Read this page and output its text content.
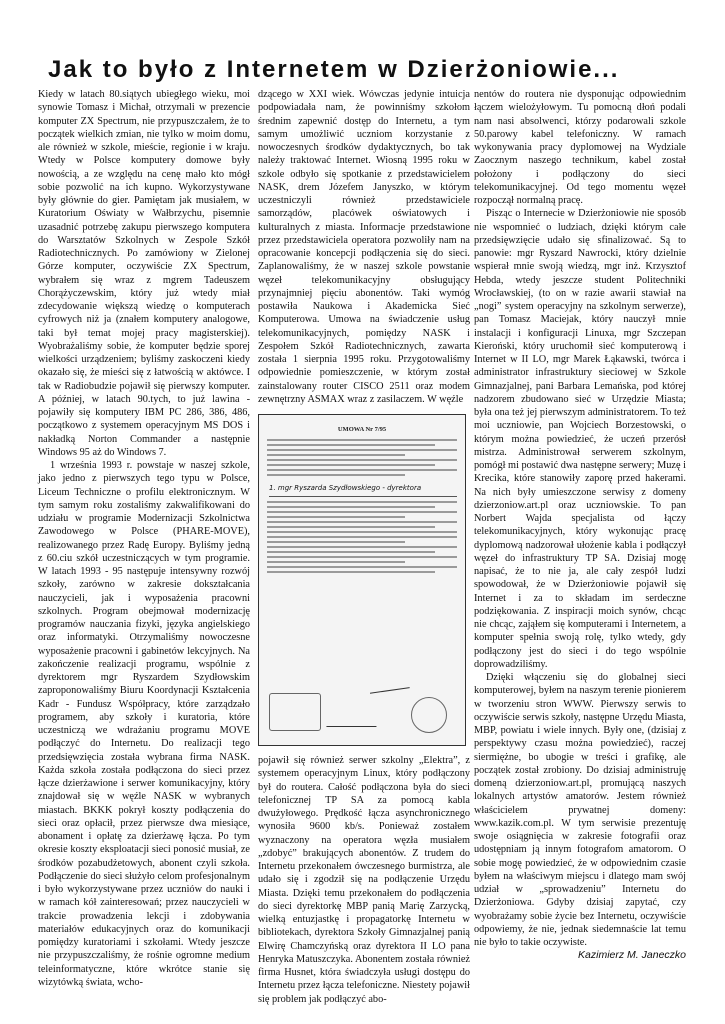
Jak to było z Internetem w Dzierżoniowie...

Kiedy w latach 80.siątych ubiegłego wieku, moi synowie Tomasz i Michał, otrzymali w prezencie komputer ZX Spectrum, nie przypuszczałem, że to początek wielkich zmian, nie tylko w moim domu, ale również w szkole, mieście, regionie i w kraju. Wtedy w Polsce komputery domowe były nowością, a ze względu na cenę mało kto mógł sobie pozwolić na ich kupno. Wykorzystywane były głównie do gier. Pamiętam jak musiałem, w Kuratorium Oświaty w Wałbrzychu, pisemnie uzasadnić potrzebę zakupu pierwszego komputera do Warsztatów Szkolnych w Zespole Szkół Radiotechnicznych. Po zamówiony w Zielonej Górze komputer, oczywiście ZX Spectrum, wybrałem się wraz z mgrem Tadeuszem Chorążyczewskim, który już wtedy miał zdecydowanie większą wiedzę o komputerach cyfrowych niż ja (znałem komputery analogowe, taki był temat mojej pracy magisterskiej). Wyobrażaliśmy sobie, że komputer będzie sporej wielkości urządzeniem; byliśmy zaskoczeni kiedy okazało się, że mieści się z łatwością w aktówce. I tak w Radiobudzie pojawił się pierwszy komputer. A później, w latach 90.tych, to już lawina - pojawiły się komputery IBM PC 286, 386, 486, początkowo z systemem operacyjnym MS DOS i nakładką Norton Commander a następnie Windows 95 aż do Windows 7.

1 września 1993 r. powstaje w naszej szkole, jako jedno z pierwszych tego typu w Polsce, Liceum Techniczne o profilu elektronicznym. W tym samym roku zostaliśmy zakwalifikowani do udziału w programie Modernizacji Szkolnictwa Zawodowego w Polsce (PHARE-MOVE), realizowanego przez Radę Europy. Byliśmy jedną z 60.ciu szkół uczestniczących w tym programie. W latach 1993 - 95 następuje intensywny rozwój szkoły, zarówno w zakresie dokształcania nauczycieli, jak i wyposażenia pracowni szkolnych. Program obejmował modernizację programów nauczania fizyki, języka angielskiego oraz informatyki. Otrzymaliśmy nowoczesne wyposażenie pracowni i gabinetów lekcyjnych. Na zakończenie realizacji programu, wspólnie z dyrektorem mgr Ryszardem Szydłowskim zaproponowaliśmy Biuru Koordynacji Kształcenia Kadr - Fundusz Współpracy, które zarządzało programem, aby szkoły i kuratoria, które uczestniczą we wdrażaniu programu MOVE podłączyć do Internetu. Do realizacji tego przedsięwzięcia została wybrana firma NASK. Każda szkoła została podłączona do sieci przez łącze dzierżawione i serwer komunikacyjny, który znajdował się w węźle NASK w wybranych miastach. BKKK pokrył koszty podłączenia do sieci oraz opłacił, przez pierwsze dwa miesiące, abonament i opłatę za dzierżawę łącza. Po tym okresie koszty eksploatacji sieci ponosić musiał, ze środków pozabudżetowych, abonent czyli szkoła. Podłączenie do sieci służyło celom profesjonalnym i było wykorzystywane przez uczniów do nauki i w ramach kół zainteresowań; przez nauczycieli w trakcie prowadzenia lekcji i zdobywania materiałów edukacyjnych oraz do komunikacji pomiędzy kuratoriami i szkołami. Wtedy jeszcze nie przypuszczaliśmy, że rośnie ogromne medium teleinformatyczne, które wkrótce stanie się wizytówką świata, wcho-

dzącego w XXI wiek. Wówczas jedynie intuicja podpowiadała nam, że powinniśmy szkołom średnim zapewnić dostęp do Internetu, a tym samym umożliwić uczniom korzystanie z nowoczesnych środków dydaktycznych, bo tak należy traktować Internet. Wiosną 1995 roku w szkole odbyło się spotkanie z przedstawicielem NASK, drem Józefem Janyszko, w którym uczestniczyli również przedstawiciele samorządów, placówek oświatowych i kulturalnych z miasta. Informacje przedstawione przez przedstawiciela operatora pozwoliły nam na opracowanie koncepcji podłączenia się do sieci. Zaplanowaliśmy, że w naszej szkole powstanie węzeł telekomunikacyjny obsługujący przynajmniej pięciu abonentów. Taki wymóg postawiła Naukowa i Akademicka Sieć Komputerowa. Umowa na świadczenie usług telekomunikacyjnych, pomiędzy NASK i Zespołem Szkół Radiotechnicznych, zawarta została 1 sierpnia 1995 roku. Przygotowaliśmy odpowiednie pomieszczenie, w którym został zainstalowany router CISCO 2511 oraz modem zewnętrzny ASMAX wraz z zasilaczem. W węźle

UMOWA Nr 7/95
1. mgr Ryszarda Szydłowskiego - dyrektora

pojawił się również serwer szkolny „Elektra”, z systemem operacyjnym Linux, który podłączony był do routera. Całość podłączona była do sieci telefonicznej TP SA za pomocą kabla dwużyłowego. Prędkość łącza asynchronicznego wynosiła 9600 kb/s. Ponieważ zostałem wyznaczony na operatora węzła musiałem „zdobyć” brakujących abonentów. Z trudem do Internetu przekonałem ówczesnego burmistrza, ale udało się i zgodził się na podłączenie Urzędu Miasta. Dzięki temu przekonałem do podłączenia do sieci dyrektorkę MBP panią Marię Zarzycką, wielką entuzjastkę i propagatorkę Internetu w bibliotekach, dyrektora Szkoły Gimnazjalnej panią Elwirę Chamczyńską oraz dyrektora II LO pana Henryka Matuszczyka. Abonentem została również firma Husnet, która świadczyła usługi dostępu do Internetu przez łącza telefoniczne. Niestety pojawił się problem jak podłączyć abo-

nentów do routera nie dysponując odpowiednim łączem wielożyłowym. Tu pomocną dłoń podali nam nasi absolwenci, którzy podarowali szkole 50.parowy kabel telefoniczny. W ramach wykonywania pracy dyplomowej na Wydziale Zaocznym naszego technikum, kabel został położony i podłączony do sieci telekomunikacyjnej. Od tego momentu węzeł rozpoczął normalną pracę.

Pisząc o Internecie w Dzierżoniowie nie sposób nie wspomnieć o ludziach, dzięki którym całe przedsięwzięcie udało się sfinalizować. Są to panowie: mgr Ryszard Nawrocki, który dzielnie wspierał mnie swoją wiedzą, mgr inż. Krzysztof Hebda, wtedy jeszcze student Politechniki Wrocławskiej, (to on w razie awarii stawiał na „nogi” system operacyjny na szkolnym serwerze), pan Tomasz Maciejak, który nauczył mnie instalacji i konfiguracji Linuxa, mgr Szczepan Kieroński, który uruchomił sieć komputerową i Internet w II LO, mgr Marek Łąkawski, twórca i administrator infrastruktury sieciowej w Szkole Gimnazjalnej, pani Barbara Lemańska, pod której nadzorem zbudowano sieć w Urzędzie Miasta; była ona też jej pierwszym administratorem. To też moi uczniowie, pan Wojciech Borzestowski, o którym można powiedzieć, że uczeń przerósł mistrza. Administrował serwerem szkolnym, pomógł mi postawić dwa następne serwery; Muzę i Krecika, które stanowiły zaporę przed hakerami. Na nich były umieszczone serwisy z domeny dzierzoniow.art.pl oraz uczniowskie. To pan Norbert Wajda specjalista od łączy telekomunikacyjnych, który wykonując pracę dyplomową nadzorował ułożenie kabla i podłączył węzeł do infrastruktury TP SA. Dzisiaj mogę napisać, że to nie ja, ale cały zespół ludzi spowodował, że w Dzierżoniowie pojawił się Internet i za to składam im serdeczne podziękowania. Z inspiracji moich synów, chcąc nie chcąc, zająłem się komputerami i Internetem, a komputer spełnia swoją rolę, tylko wtedy, gdy podłączony jest do sieci i do tego wspólnie doprowadziliśmy.

Dzięki włączeniu się do globalnej sieci komputerowej, byłem na naszym terenie pionierem w tworzeniu stron WWW. Pierwszy serwis to oczywiście serwis szkoły, następne Urzędu Miasta, MBP, powiatu i wiele innych. Były one, (dzisiaj z perspektywy czasu można powiedzieć), raczej siermiężne, bo ubogie w treści i grafikę, ale początek został zrobiony. Do dzisiaj administruję domeną dzierzoniow.art.pl, promującą naszych lokalnych artystów amatorów. Jestem również właścicielem prywatnej domeny: www.kazik.com.pl. W tym serwisie prezentuję swoje osiągnięcia w zakresie fotografii oraz udostępniam ją innym fotografom amatorom. O sobie mogę powiedzieć, że w odpowiednim czasie byłem na właściwym miejscu i dlatego mam swój udział w „sprowadzeniu” Internetu do Dzierżoniowa. Gdyby dzisiaj zapytać, czy wyobrażamy sobie życie bez Internetu, oczywiście odpowiemy, że nie, jednak siedemnaście lat temu nie było to takie oczywiste.

Kazimierz M. Janeczko
